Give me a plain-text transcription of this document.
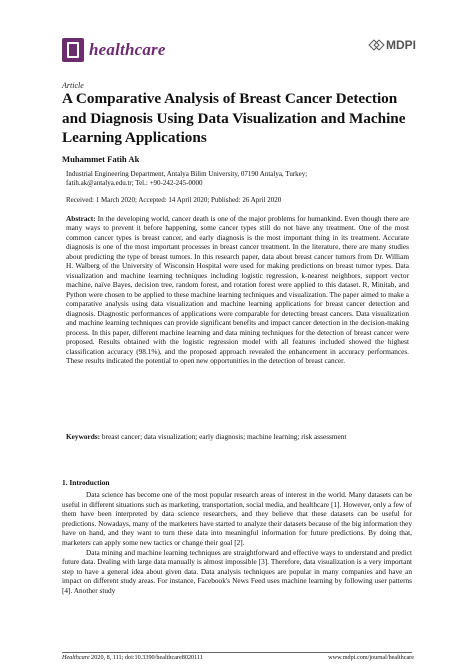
healthcare	MDPI
Article
A Comparative Analysis of Breast Cancer Detection and Diagnosis Using Data Visualization and Machine Learning Applications
Muhammet Fatih Ak
Industrial Engineering Department, Antalya Bilim University, 07190 Antalya, Turkey;
fatih.ak@antalya.edu.tr; Tel.: +90-242-245-0000
Received: 1 March 2020; Accepted: 14 April 2020; Published: 26 April 2020

Abstract: In the developing world, cancer death is one of the major problems for humankind. Even though there are many ways to prevent it before happening, some cancer types still do not have any treatment. One of the most common cancer types is breast cancer, and early diagnosis is the most important thing in its treatment. Accurate diagnosis is one of the most important processes in breast cancer treatment. In the literature, there are many studies about predicting the type of breast tumors. In this research paper, data about breast cancer tumors from Dr. William H. Walberg of the University of Wisconsin Hospital were used for making predictions on breast tumor types. Data visualization and machine learning techniques including logistic regression, k-nearest neighbors, support vector machine, naïve Bayes, decision tree, random forest, and rotation forest were applied to this dataset. R, Minitab, and Python were chosen to be applied to these machine learning techniques and visualization. The paper aimed to make a comparative analysis using data visualization and machine learning applications for breast cancer detection and diagnosis. Diagnostic performances of applications were comparable for detecting breast cancers. Data visualization and machine learning techniques can provide significant benefits and impact cancer detection in the decision-making process. In this paper, different machine learning and data mining techniques for the detection of breast cancer were proposed. Results obtained with the logistic regression model with all features included showed the highest classification accuracy (98.1%), and the proposed approach revealed the enhancement in accuracy performances. These results indicated the potential to open new opportunities in the detection of breast cancer.

Keywords: breast cancer; data visualization; early diagnosis; machine learning; risk assessment
1. Introduction

Data science has become one of the most popular research areas of interest in the world. Many datasets can be useful in different situations such as marketing, transportation, social media, and healthcare [1]. However, only a few of them have been interpreted by data science researchers, and they believe that these datasets can be useful for predictions. Nowadays, many of the marketers have started to analyze their datasets because of the big information they have on hand, and they want to turn these data into meaningful information for future predictions. By doing that, marketers can apply some new tactics or change their goal [2].

Data mining and machine learning techniques are straightforward and effective ways to understand and predict future data. Dealing with large data manually is almost impossible [3]. Therefore, data visualization is a very important step to have a general idea about given data. Data analysis techniques are popular in many companies and have an impact on different study areas. For instance, Facebook's News Feed uses machine learning by following user patterns [4]. Another study

Healthcare 2020, 8, 111; doi:10.3390/healthcare8020111	www.mdpi.com/journal/healthcare
